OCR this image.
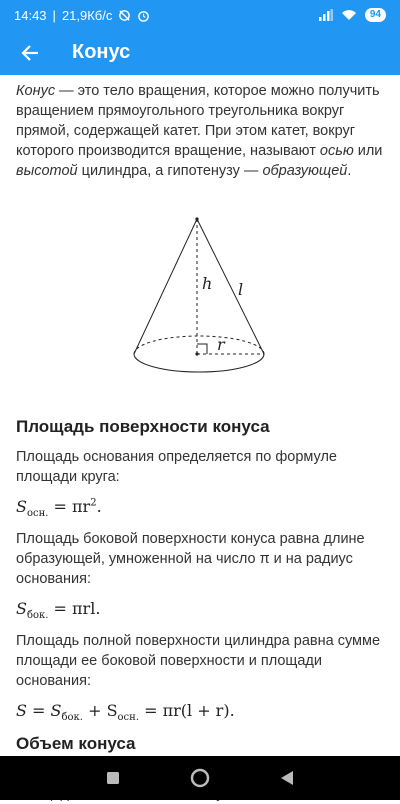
14:43 | 21,9Кб/с	94
Конус

Конус — это тело вращения, которое можно получить вращением прямоугольного треугольника вокруг прямой, содержащей катет. При этом катет, вокруг которого производится вращение, называют осью или высотой цилиндра, а гипотенузу — образующей.

h l
r
Площадь поверхности конуса

Площадь основания определяется по формуле площади круга:

$S_{осн.} = \pi r^2$.

Площадь боковой поверхности конуса равна длине образующей, умноженной на число π и на радиус основания:

$S_{бок.} = \pi rl$.

Площадь полной поверхности цилиндра равна сумме площади ее боковой поверхности и площади основания:

$S = S_{бок.} + S_{осн.} = \pi r(l + r)$.
Объем конуса
